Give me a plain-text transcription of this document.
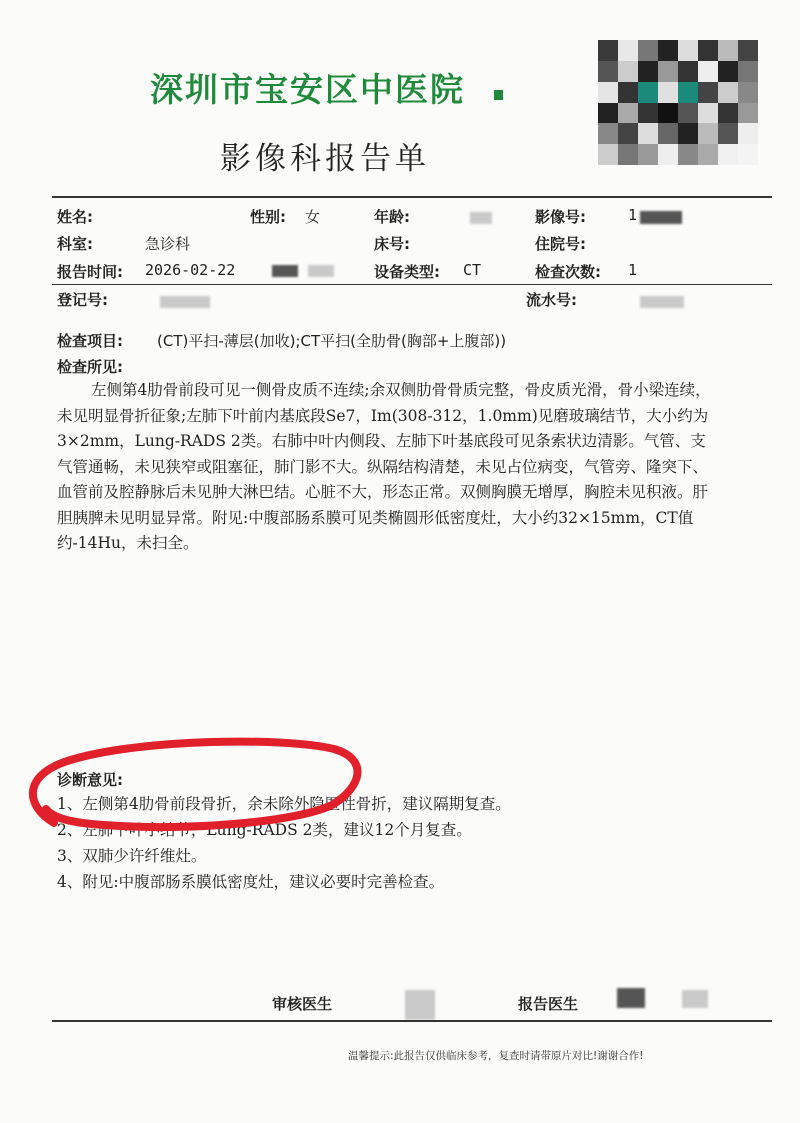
深圳市宝安区中医院
影像科报告单
姓名:	性别: 女	年龄:	影像号:	1
科室:	急诊科	床号:	住院号:
报告时间: 2026-02-22	设备类型: CT	检查次数: 1
登记号:	流水号:
检查项目: (CT)平扫-薄层(加收);CT平扫(全肋骨(胸部+上腹部))
检查所见:

左侧第4肋骨前段可见一侧骨皮质不连续;余双侧肋骨骨质完整，骨皮质光滑，骨小梁连续，未见明显骨折征象;左肺下叶前内基底段Se7，Im(308-312，1.0mm)见磨玻璃结节，大小约为3×2mm，Lung-RADS 2类。右肺中叶内侧段、左肺下叶基底段可见条索状边清影。气管、支气管通畅，未见狭窄或阻塞征，肺门影不大。纵隔结构清楚，未见占位病变，气管旁、隆突下、血管前及腔静脉后未见肿大淋巴结。心脏不大，形态正常。双侧胸膜无增厚，胸腔未见积液。肝胆胰脾未见明显异常。附见:中腹部肠系膜可见类椭圆形低密度灶，大小约32×15mm，CT值约-14Hu，未扫全。

诊断意见:
1、左侧第4肋骨前段骨折，余未除外隐匿性骨折，建议隔期复查。
2、左肺下叶小结节，Lung-RADS 2类，建议12个月复查。
3、双肺少许纤维灶。
4、附见:中腹部肠系膜低密度灶，建议必要时完善检查。
审核医生	报告医生
温馨提示:此报告仅供临床参考，复查时请带原片对比!谢谢合作!
